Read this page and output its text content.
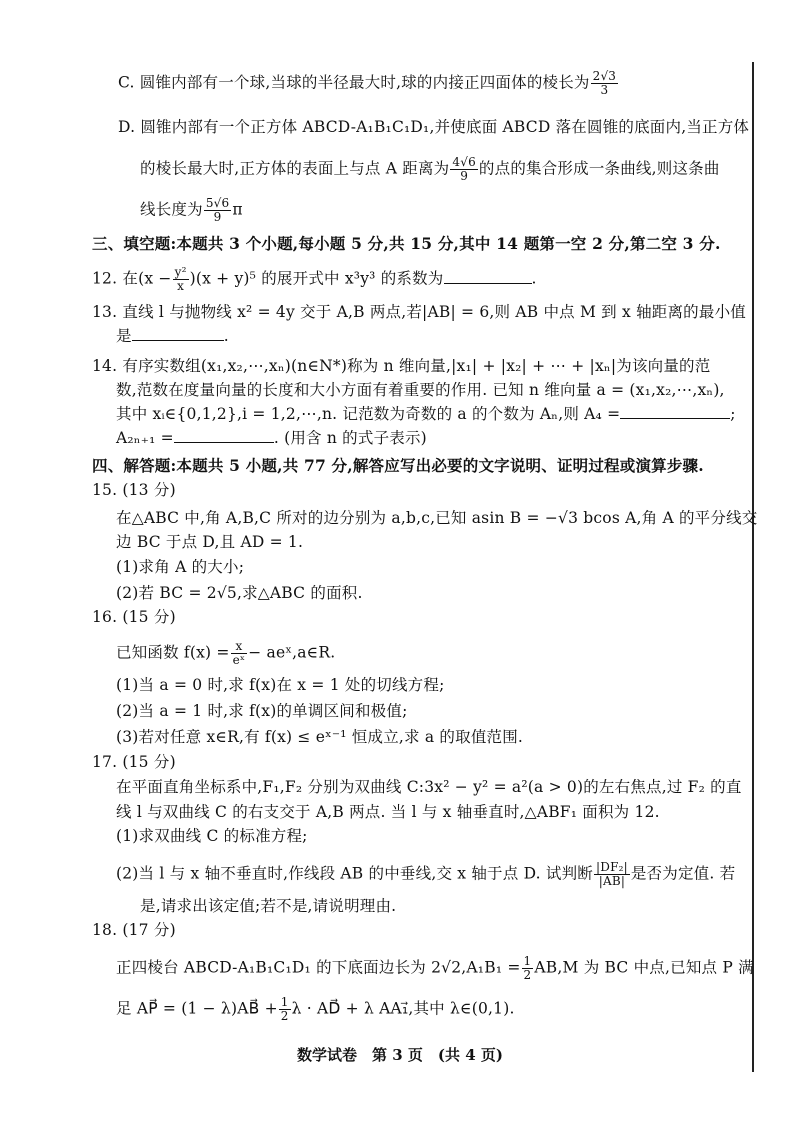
C. 圆锥内部有一个球,当球的半径最大时,球的内接正四面体的棱长为 $\frac{2√3}{3}$
D. 圆锥内部有一个正方体 ABCD-A₁B₁C₁D₁,并使底面 ABCD 落在圆锥的底面内,当正方体
的棱长最大时,正方体的表面上与点 A 距离为 $\frac{4√6}{9}$ 的点的集合形成一条曲线,则这条曲
线长度为 $\frac{5√6}{9}$ π
三、填空题:本题共 3 个小题,每小题 5 分,共 15 分,其中 14 题第一空 2 分,第二空 3 分.
12. 在$(x - \frac{\text{y²}}{x} )(x + y)^5$ 的展开式中 x³y³ 的系数为	.
13. 直线 l 与抛物线 x² = 4y 交于 A,B 两点,若|AB| = 6,则 AB 中点 M 到 x 轴距离的最小值
是	.
14. 有序实数组(x₁,x₂,⋯,xₙ)(n∈N*)称为 n 维向量,|x₁| + |x₂| + ⋯ + |xₙ|为该向量的范
数,范数在度量向量的长度和大小方面有着重要的作用. 已知 n 维向量 a = (x₁,x₂,⋯,xₙ),
其中 xᵢ∈{0,1,2},i = 1,2,⋯,n. 记范数为奇数的 a 的个数为 Aₙ,则 A₄ =	;
A₂ₙ₊₁ =	. (用含 n 的式子表示)
四、解答题:本题共 5 小题,共 77 分,解答应写出必要的文字说明、证明过程或演算步骤.
15. (13 分)
在△ABC 中,角 A,B,C 所对的边分别为 a,b,c,已知 asin B = −√3 bcos A,角 A 的平分线交
边 BC 于点 D,且 AD = 1.
(1)求角 A 的大小;
(2)若 BC = 2√5,求△ABC 的面积.
16. (15 分)
已知函数 $f(x) = \frac{x}{\text{eˣ}}$ − aeˣ,a∈R.
(1)当 a = 0 时,求 f(x)在 x = 1 处的切线方程;
(2)当 a = 1 时,求 f(x)的单调区间和极值;
(3)若对任意 x∈R,有 f(x) ≤ eˣ⁻¹ 恒成立,求 a 的取值范围.
17. (15 分)
在平面直角坐标系中,F₁,F₂ 分别为双曲线 C:3x² − y² = a²(a > 0)的左右焦点,过 F₂ 的直
线 l 与双曲线 C 的右支交于 A,B 两点. 当 l 与 x 轴垂直时,△ABF₁ 面积为 12.
(1)求双曲线 C 的标准方程;
(2)当 l 与 x 轴不垂直时,作线段 AB 的中垂线,交 x 轴于点 D. 试判断 $\frac{\text{|DF₂|}}{|AB|}$ 是否为定值. 若
是,请求出该定值;若不是,请说明理由.
18. (17 分)
正四棱台 ABCD-A₁B₁C₁D₁ 的下底面边长为 $2√2,A_1B_1 = \frac{1}{2} AB,M$ 为 BC 中点,已知点 P 满
足 AP⃗ = (1 − λ)AB⃗ + $\frac{1}{2}$ λ · AD⃗ + λ AA₁⃗,其中 λ∈(0,1).
数学试卷　第 3 页　(共 4 页)
